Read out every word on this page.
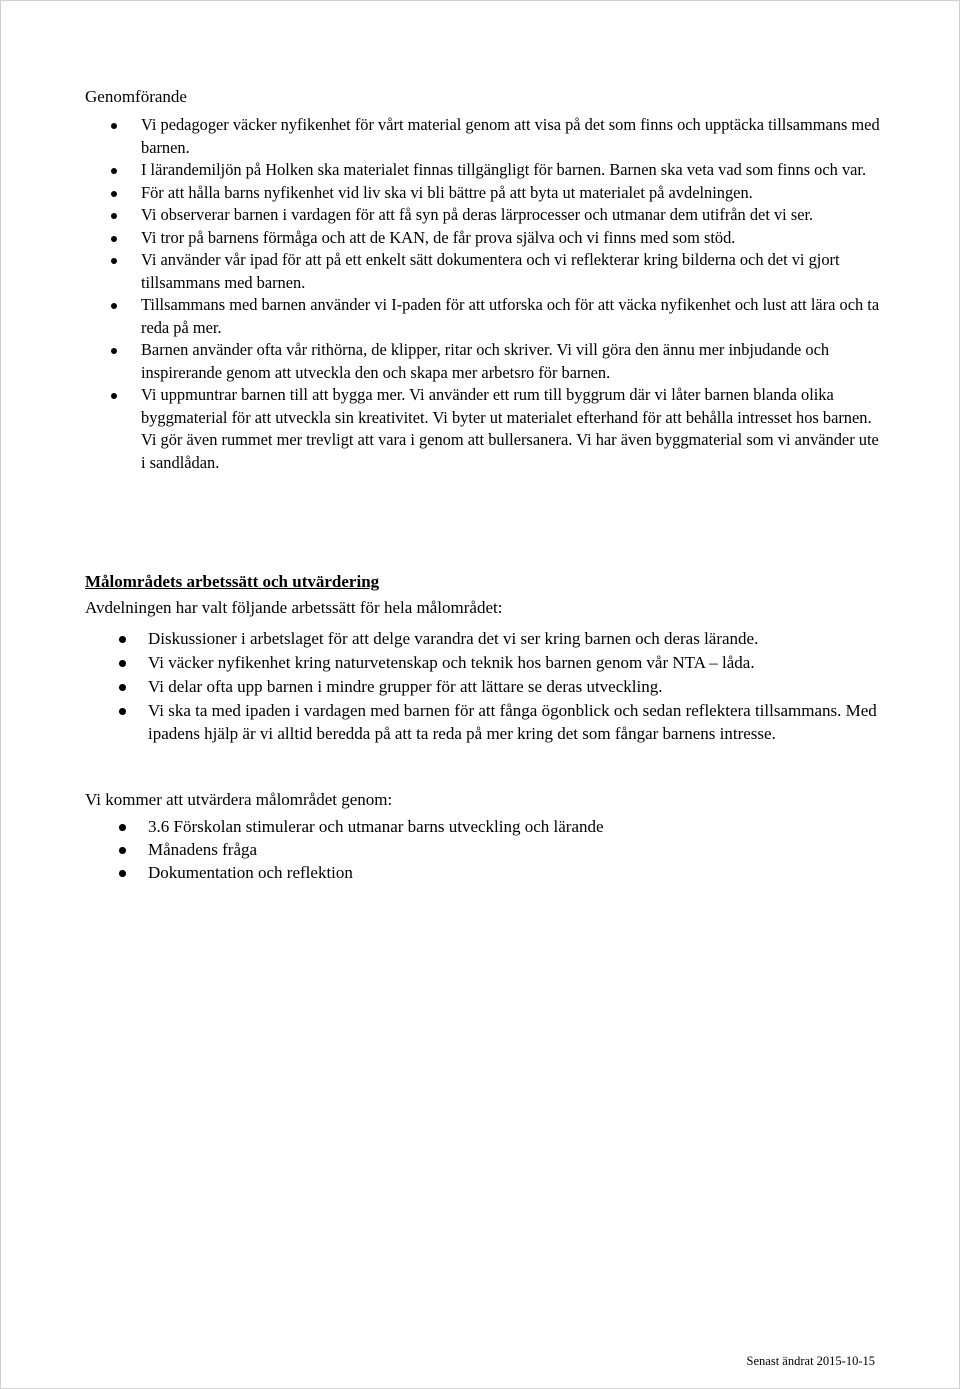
Genomförande
Vi pedagoger väcker nyfikenhet för vårt material genom att visa på det som finns och upptäcka tillsammans med barnen.
I lärandemiljön på Holken ska materialet finnas tillgängligt för barnen. Barnen ska veta vad som finns och var.
För att hålla barns nyfikenhet vid liv ska vi bli bättre på att byta ut materialet på avdelningen.
Vi observerar barnen i vardagen för att få syn på deras lärprocesser och utmanar dem utifrån det vi ser.
Vi tror på barnens förmåga och att de KAN, de får prova själva och vi finns med som stöd.
Vi använder vår ipad för att på ett enkelt sätt dokumentera och vi reflekterar kring bilderna och det vi gjort tillsammans med barnen.
Tillsammans med barnen använder vi I-paden för att utforska och för att väcka nyfikenhet och lust att lära och ta reda på mer.
Barnen använder ofta vår rithörna, de klipper, ritar och skriver. Vi vill göra den ännu mer inbjudande och inspirerande genom att utveckla den och skapa mer arbetsro för barnen.
Vi uppmuntrar barnen till att bygga mer. Vi använder ett rum till byggrum där vi låter barnen blanda olika byggmaterial för att utveckla sin kreativitet. Vi byter ut materialet efterhand för att behålla intresset hos barnen. Vi gör även rummet mer trevligt att vara i genom att bullersanera. Vi har även byggmaterial som vi använder ute i sandlådan.
Målområdets arbetssätt och utvärdering
Avdelningen har valt följande arbetssätt för hela målområdet:
Diskussioner i arbetslaget för att delge varandra det vi ser kring barnen och deras lärande.
Vi väcker nyfikenhet kring naturvetenskap och teknik hos barnen genom vår NTA – låda.
Vi delar ofta upp barnen i mindre grupper för att lättare se deras utveckling.
Vi ska ta med ipaden i vardagen med barnen för att fånga ögonblick och sedan reflektera tillsammans. Med ipadens hjälp är vi alltid beredda på att ta reda på mer kring det som fångar barnens intresse.
Vi kommer att utvärdera målområdet genom:
3.6 Förskolan stimulerar och utmanar barns utveckling och lärande
Månadens fråga
Dokumentation och reflektion
Senast ändrat 2015-10-15
